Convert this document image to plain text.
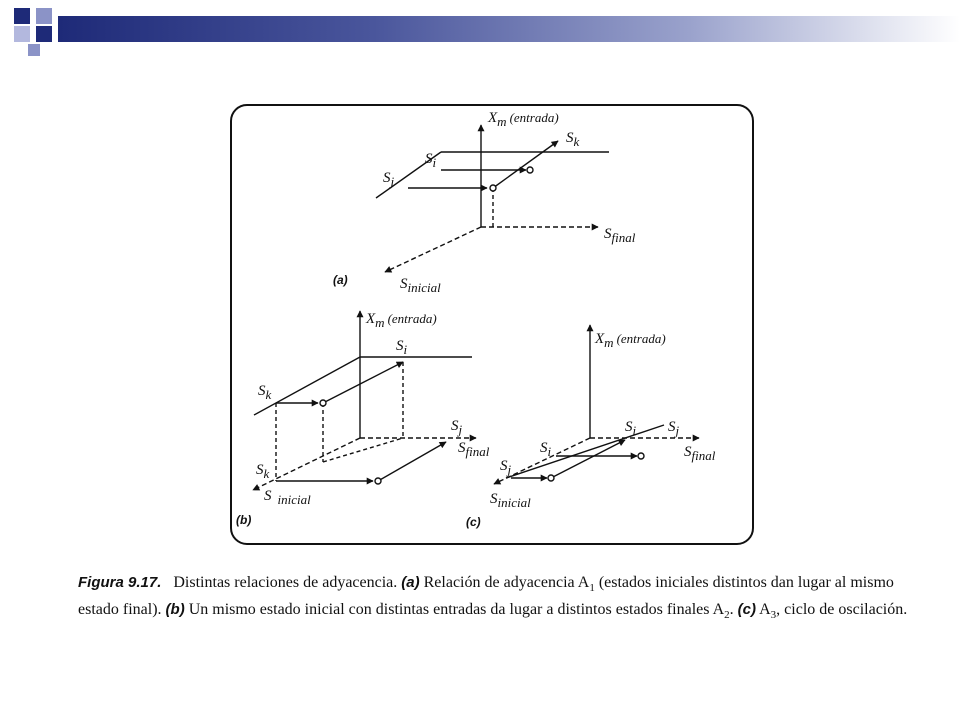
Xm (entrada)
Sk
Si
Sj
Sfinal
Sinicial
(a)
Xm (entrada)
Si
Sk
Sj
Sfinal
Sk
S inicial
(b)
Xm (entrada)
Si Sj
Si	Sfinal
Sj
Sinicial
(c)
Figura 9.17. Distintas relaciones de adyacencia. (a) Relación de adyacencia $A_1$ (estados iniciales distintos dan lugar al mismo estado final). (b) Un mismo estado inicial con distintas entradas da lugar a distintos estados finales $A_2$. (c) $A_3$, ciclo de oscilación.
